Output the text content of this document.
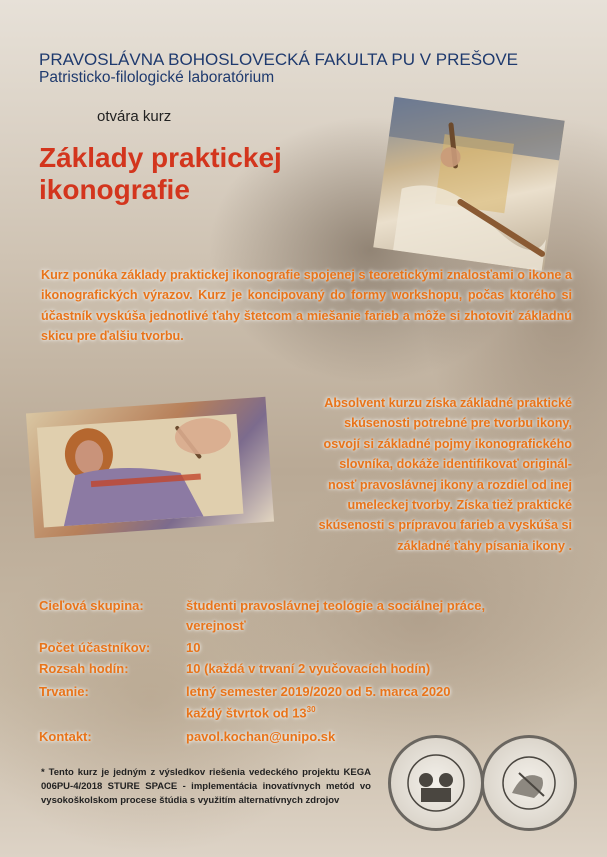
PRAVOSLÁVNA BOHOSLOVECKÁ FAKULTA PU V PREŠOVE
Patristicko-filologické laboratórium
otvára kurz
Základy praktickej
ikonografie
Kurz ponúka základy praktickej ikonografie spojenej s teoretickými znalosťami o ikone a ikonografických výrazov. Kurz je koncipovaný do formy workshopu, počas ktorého si účastník vyskúša jednotlivé ťahy štetcom a miešanie farieb a môže si zhotoviť základnú skicu pre ďalšiu tvorbu.
Absolvent kurzu získa základné praktické
skúsenosti potrebné pre tvorbu ikony,
osvojí si základné pojmy ikonografického
slovníka, dokáže identifikovať originál-
nosť pravoslávnej ikony a rozdiel od inej
umeleckej tvorby. Získa tiež praktické
skúsenosti s prípravou farieb a vyskúša si
základné ťahy písania ikony .
Cieľová skupina:	študenti pravoslávnej teológie a sociálnej práce,
verejnosť
Počet účastníkov:	10
Rozsah hodín:	10 (každá v trvaní 2 vyučovacích hodín)
Trvanie:	letný semester 2019/2020 od 5. marca 2020
každý štvrtok od $13^{30}$
Kontakt:	pavol.kochan@unipo.sk
* Tento kurz je jedným z výsledkov riešenia vedeckého projektu KEGA 006PU-4/2018 STURE SPACE - implementácia inovatívnych metód vo vysokoškolskom procese štúdia s využitím alternatívnych zdrojov
